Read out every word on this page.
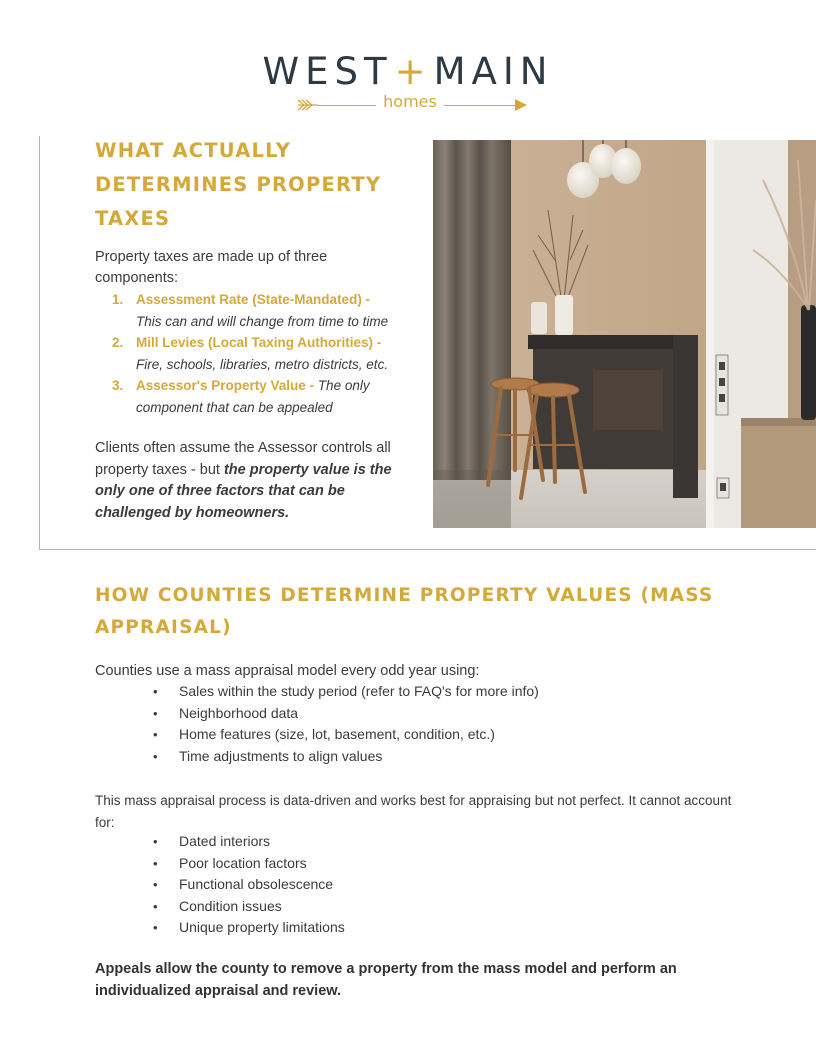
WEST+MAIN
homes
WHAT ACTUALLY DETERMINES PROPERTY TAXES

Property taxes are made up of three components:

1. Assessment Rate (State-Mandated) -
This can and will change from time to time
2. Mill Levies (Local Taxing Authorities) -
Fire, schools, libraries, metro districts, etc.
3. Assessor's Property Value - The only component that can be appealed

Clients often assume the Assessor controls all property taxes - but the property value is the only one of three factors that can be challenged by homeowners.

HOW COUNTIES DETERMINE PROPERTY VALUES (MASS APPRAISAL)

Counties use a mass appraisal model every odd year using:

• Sales within the study period (refer to FAQ's for more info)
• Neighborhood data
• Home features (size, lot, basement, condition, etc.)
• Time adjustments to align values

This mass appraisal process is data-driven and works best for appraising but not perfect. It cannot account for:

• Dated interiors
• Poor location factors
• Functional obsolescence
• Condition issues
• Unique property limitations

Appeals allow the county to remove a property from the mass model and perform an individualized appraisal and review.
